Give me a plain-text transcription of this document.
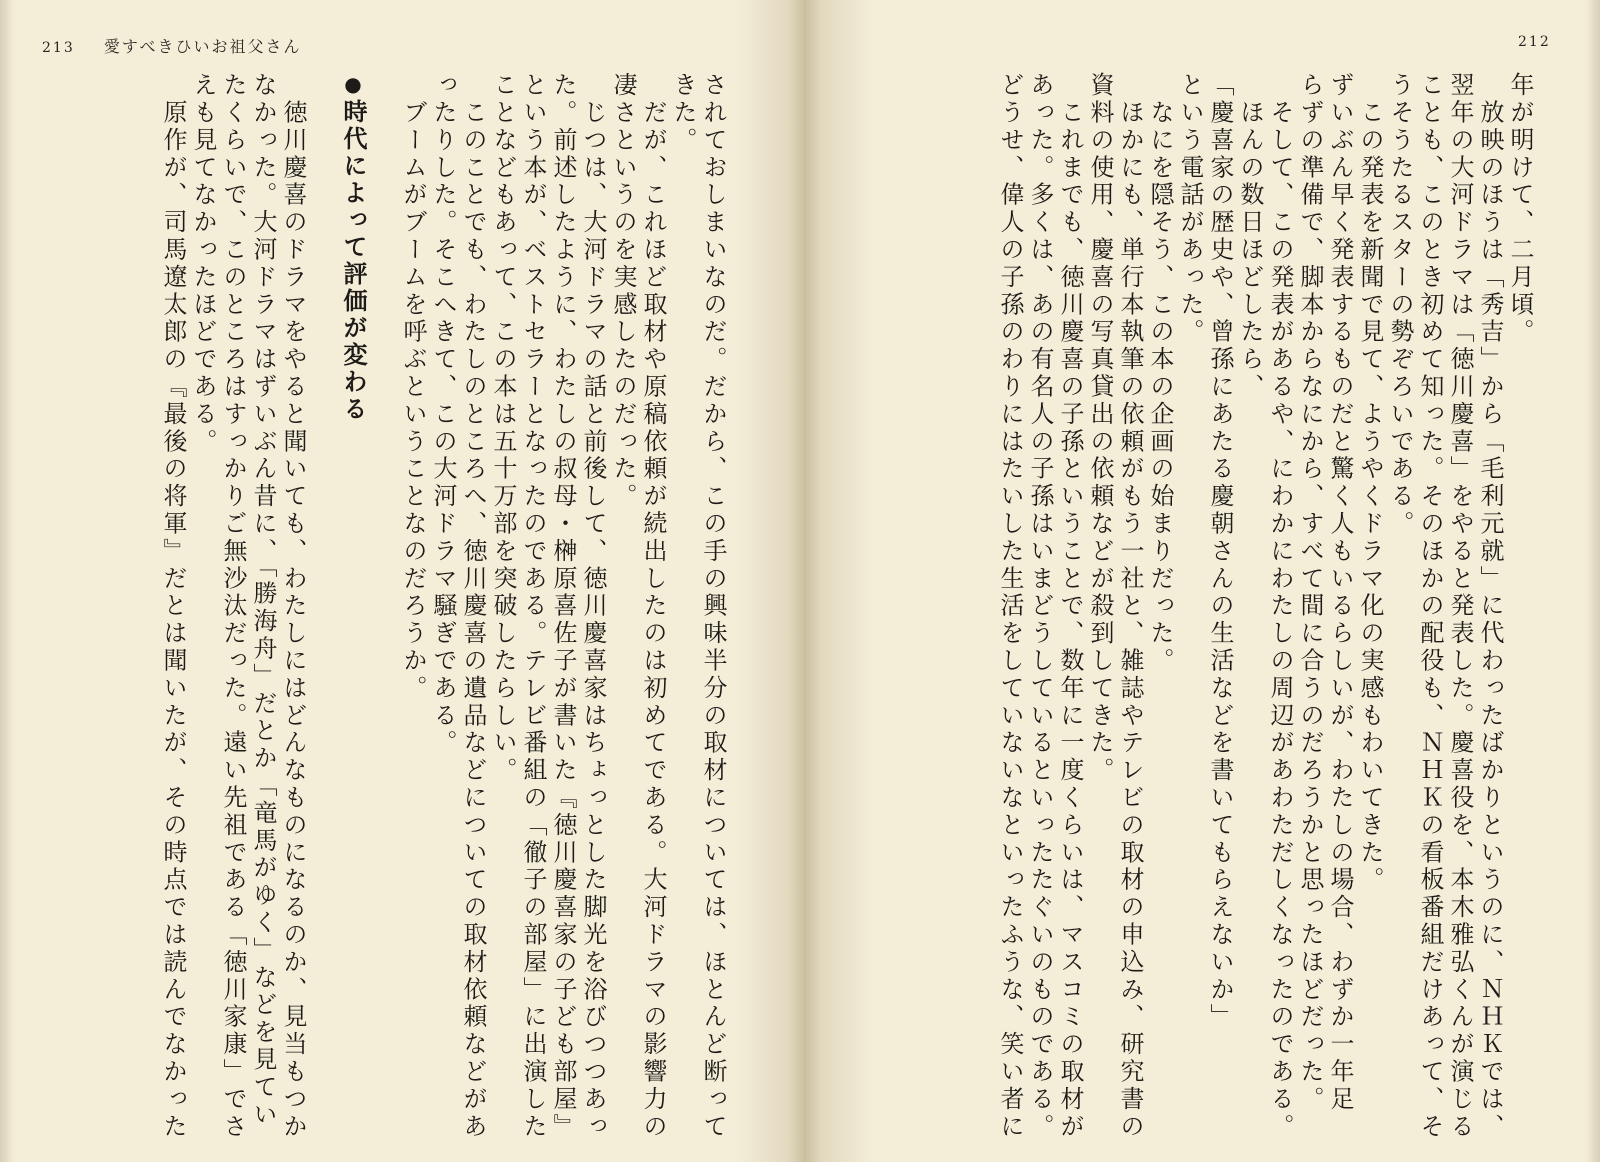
213 愛すべきひいお祖父さん	212
年が明けて、二月頃。
　放映のほうは「秀吉」から「毛利元就」に代わったばかりというのに、ＮＨＫでは、
翌年の大河ドラマは「徳川慶喜」をやると発表した。慶喜役を、本木雅弘くんが演じる
ことも、このとき初めて知った。そのほかの配役も、ＮＨＫの看板番組だけあって、そ
うそうたるスターの勢ぞろいである。
　この発表を新聞で見て、ようやくドラマ化の実感もわいてきた。
ずいぶん早く発表するものだと驚く人もいるらしいが、わたしの場合、わずか一年足
らずの準備で、脚本からなにから、すべて間に合うのだろうかと思ったほどだった。
　そして、この発表があるや、にわかにわたしの周辺があわただしくなったのである。
　ほんの数日ほどしたら、
「慶喜家の歴史や、曾孫にあたる慶朝さんの生活などを書いてもらえないか」
という電話があった。
　なにを隠そう、この本の企画の始まりだった。
　ほかにも、単行本執筆の依頼がもう一社と、雑誌やテレビの取材の申込み、研究書の
資料の使用、慶喜の写真貸出の依頼などが殺到してきた。
　これまでも、徳川慶喜の子孫ということで、数年に一度くらいは、マスコミの取材が
あった。多くは、あの有名人の子孫はいまどうしているといったたぐいのものである。
どうせ、偉人の子孫のわりにはたいした生活をしていないなといったふうな、笑い者に
されておしまいなのだ。だから、この手の興味半分の取材については、ほとんど断って
きた。
　だが、これほど取材や原稿依頼が続出したのは初めてである。大河ドラマの影響力の
凄さというのを実感したのだった。
　じつは、大河ドラマの話と前後して、徳川慶喜家はちょっとした脚光を浴びつつあっ
た。前述したように、わたしの叔母・榊原喜佐子が書いた『徳川慶喜家の子ども部屋』
という本が、ベストセラーとなったのである。テレビ番組の「徹子の部屋」に出演した
ことなどもあって、この本は五十万部を突破したらしい。
　このことでも、わたしのところへ、徳川慶喜の遺品などについての取材依頼などがあ
ったりした。そこへきて、この大河ドラマ騒ぎである。
　ブームがブームを呼ぶということなのだろうか。
●時代によって評価が変わる
　徳川慶喜のドラマをやると聞いても、わたしにはどんなものになるのか、見当もつか
なかった。大河ドラマはずいぶん昔に、「勝海舟」だとか「竜馬がゆく」などを見てい
たくらいで、このところはすっかりご無沙汰だった。遠い先祖である「徳川家康」でさ
えも見てなかったほどである。
　原作が、司馬遼太郎の『最後の将軍』だとは聞いたが、その時点では読んでなかった
